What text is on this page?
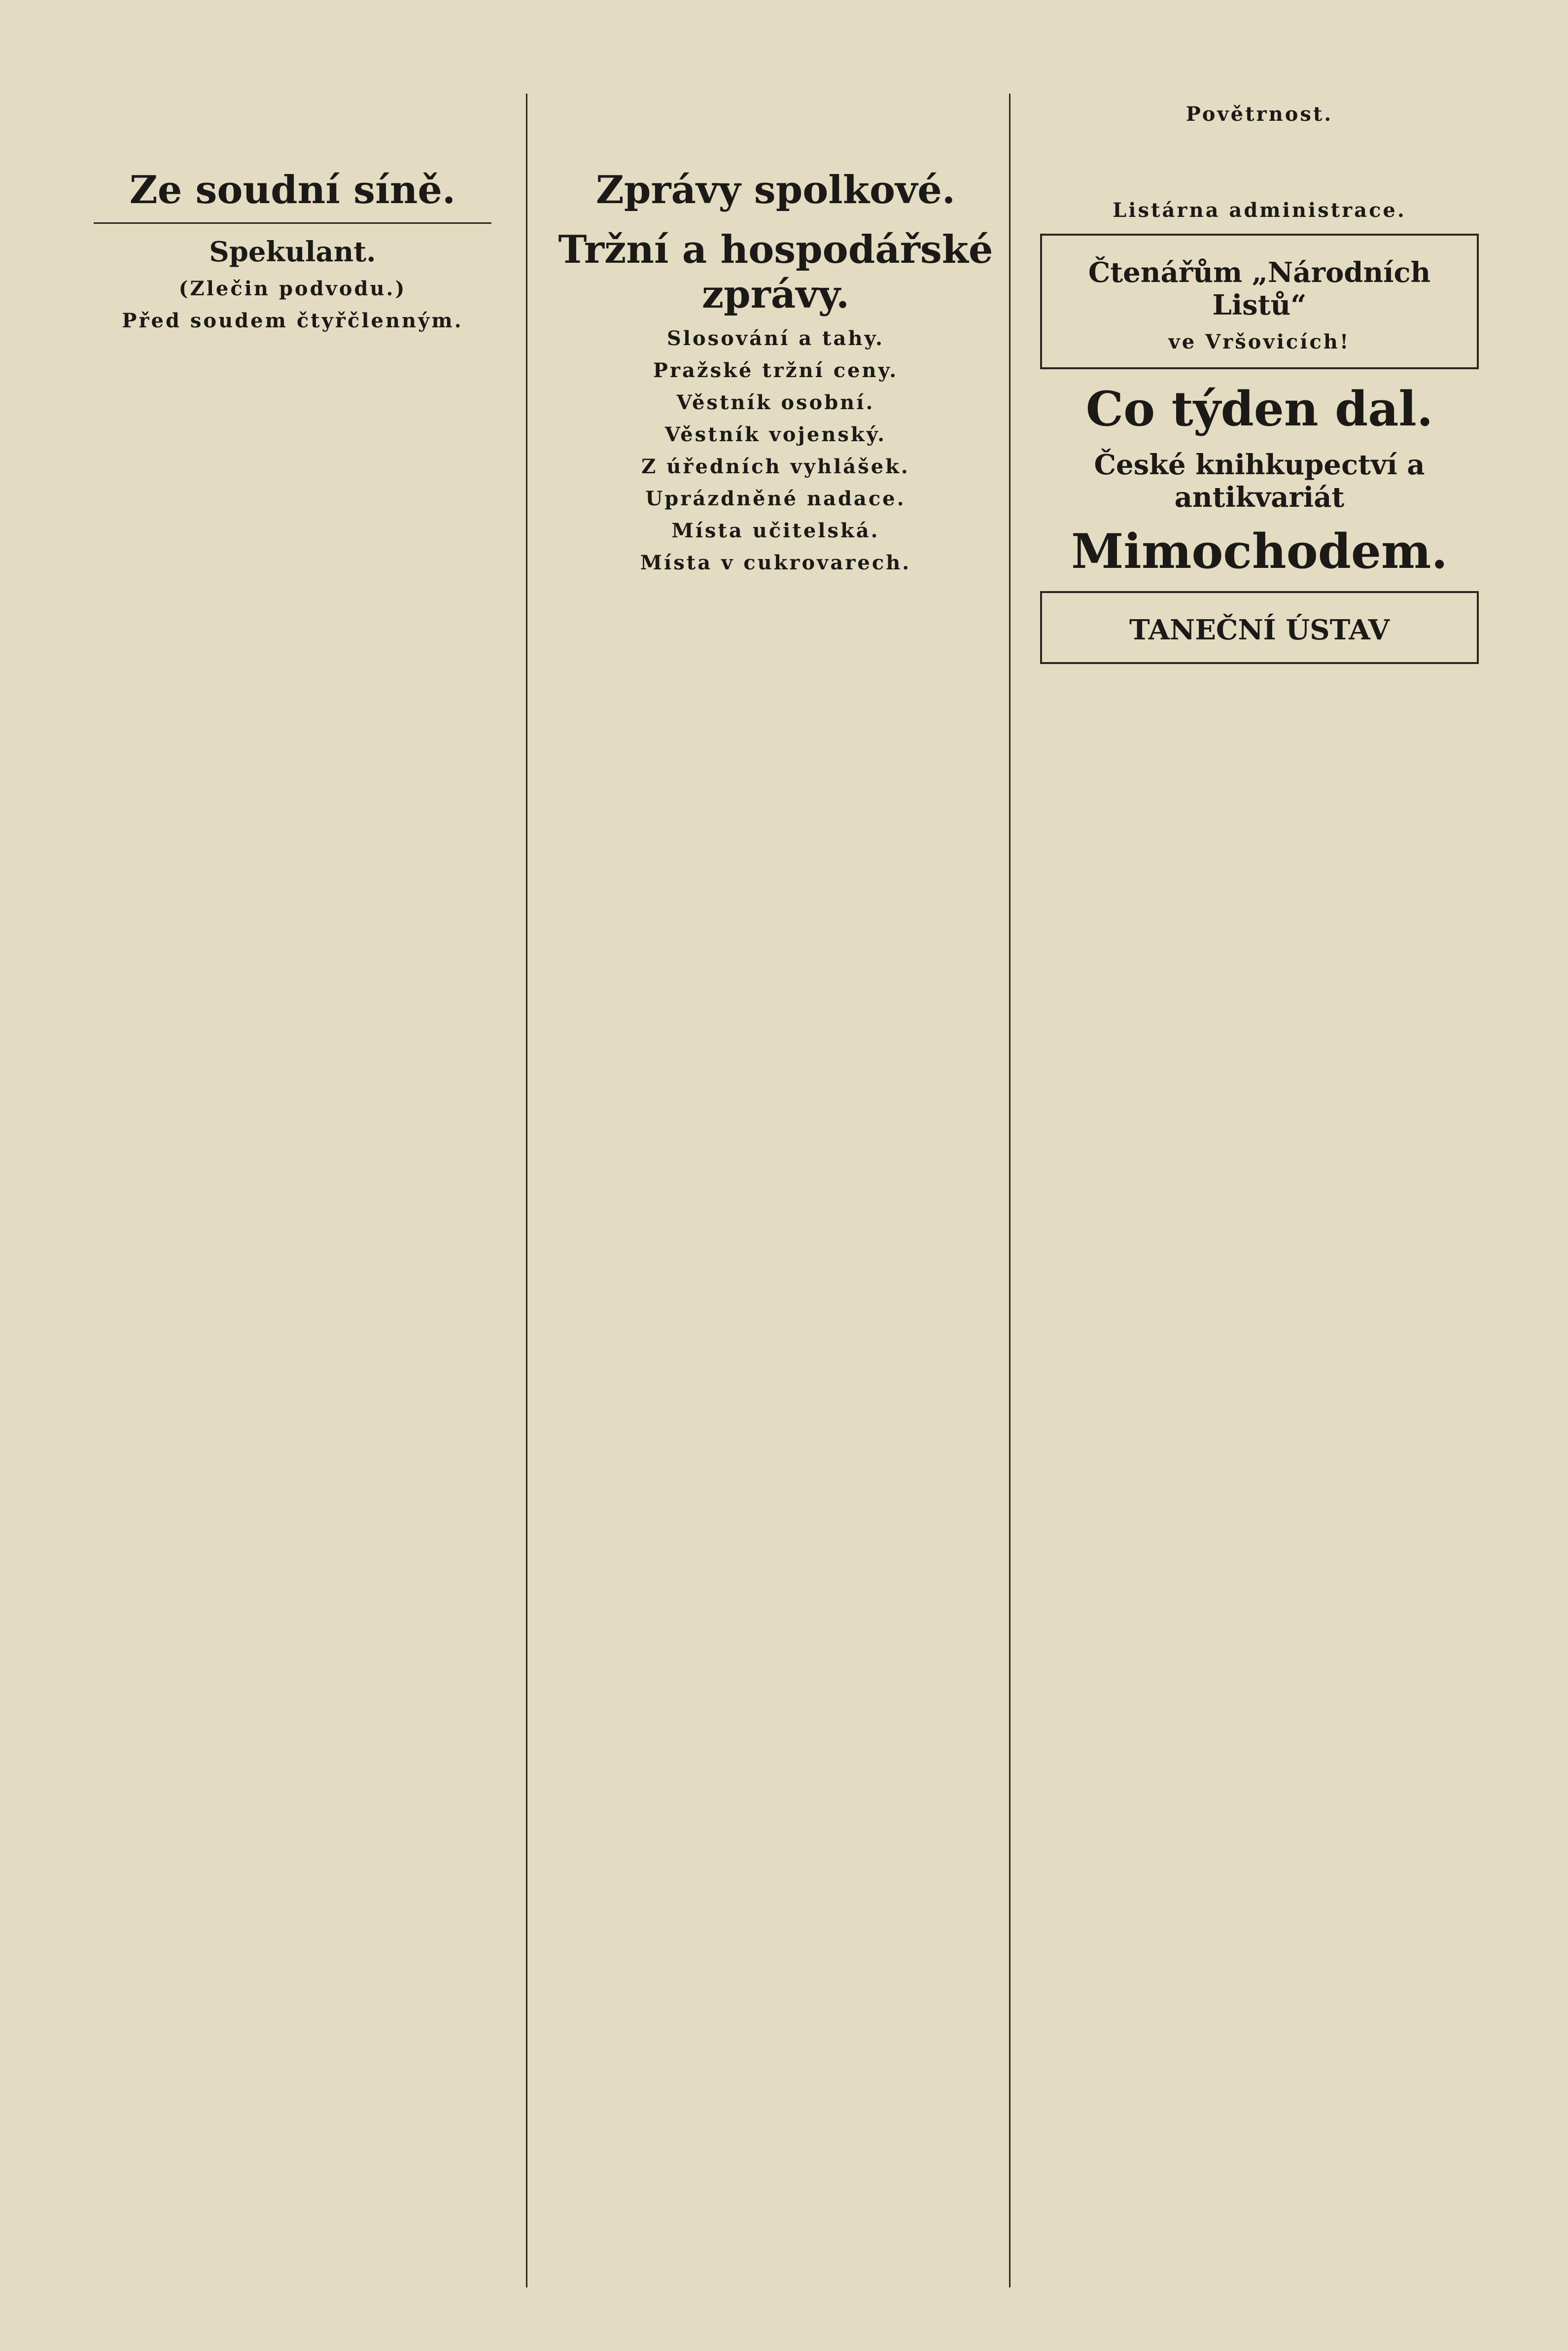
Ze soudní síně.
Spekulant.
(Zlečin podvodu.)
Před soudem čtyřčlenným.
Zprávy spolkové.
Tržní a hospodářské zprávy.
Slosování a tahy.
Pražské tržní ceny.
Věstník osobní.
Věstník vojenský.
Z úředních vyhlášek.
Uprázdněné nadace.
Místa učitelská.
Místa v cukrovarech.
Povětrnost.
Listárna administrace.
Čtenářům „Národních Listů“
ve Vršovicích!
Co týden dal.
České knihkupectví a antikvariát
Mimochodem.
TANEČNÍ ÚSTAV
